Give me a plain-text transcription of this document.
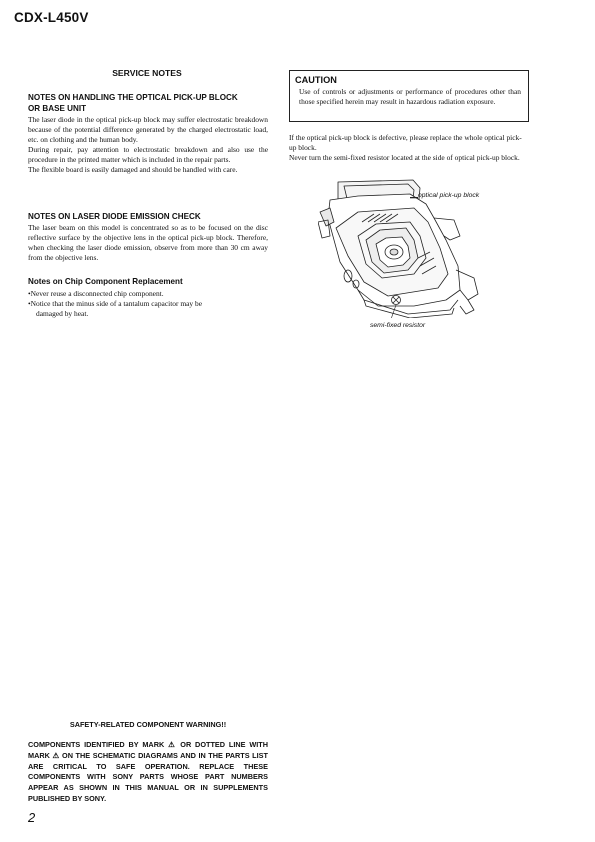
CDX-L450V
SERVICE NOTES
NOTES ON HANDLING THE OPTICAL PICK-UP BLOCK
OR BASE UNIT

The laser diode in the optical pick-up block may suffer electrostatic breakdown because of the potential difference generated by the charged electrostatic load, etc. on clothing and the human body.

During repair, pay attention to electrostatic breakdown and also use the procedure in the printed matter which is included in the repair parts.

The flexible board is easily damaged and should be handled with care.

NOTES ON LASER DIODE EMISSION CHECK

The laser beam on this model is concentrated so as to be focused on the disc reflective surface by the objective lens in the optical pick-up block. Therefore, when checking the laser diode emission, observe from more than 30 cm away from the objective lens.

Notes on Chip Component Replacement
•Never reuse a disconnected chip component.
•Notice that the minus side of a tantalum capacitor may be
damaged by heat.
CAUTION
Use of controls or adjustments or performance of procedures other than those specified herein may result in hazardous radiation exposure.

If the optical pick-up block is defective, please replace the whole optical pick-up block.

Never turn the semi-fixed resistor located at the side of optical pick-up block.

optical pick-up block
semi-fixed resistor
SAFETY-RELATED COMPONENT WARNING!!
COMPONENTS IDENTIFIED BY MARK ⚠ OR DOTTED LINE WITH MARK ⚠ ON THE SCHEMATIC DIAGRAMS AND IN THE PARTS LIST ARE CRITICAL TO SAFE OPERATION. REPLACE THESE COMPONENTS WITH SONY PARTS WHOSE PART NUMBERS APPEAR AS SHOWN IN THIS MANUAL OR IN SUPPLEMENTS PUBLISHED BY SONY.
2
